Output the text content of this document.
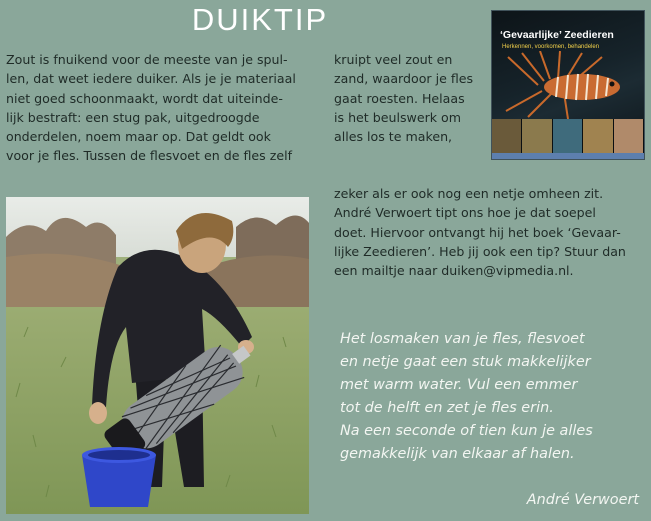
DUIKTIP
Zout is fnuikend voor de meeste van je spul-
len, dat weet iedere duiker. Als je je materiaal
niet goed schoonmaakt, wordt dat uiteinde-
lijk bestraft: een stug pak, uitgedroogde
onderdelen, noem maar op. Dat geldt ook
voor je fles. Tussen de flesvoet en de fles zelf
kruipt veel zout en
zand, waardoor je fles
gaat roesten. Helaas
is het beulswerk om
alles los te maken,
zeker als er ook nog een netje omheen zit.
André Verwoert tipt ons hoe je dat soepel
doet. Hiervoor ontvangt hij het boek ‘Gevaar-
lijke Zeedieren’. Heb jij ook een tip? Stuur dan
een mailtje naar duiken@vipmedia.nl.
‘Gevaarlijke’ Zeedieren
Herkennen, voorkomen, behandelen
Het losmaken van je fles, flesvoet
en netje gaat een stuk makkelijker
met warm water. Vul een emmer
tot de helft en zet je fles erin.
Na een seconde of tien kun je alles
gemakkelijk van elkaar af halen.
André Verwoert
